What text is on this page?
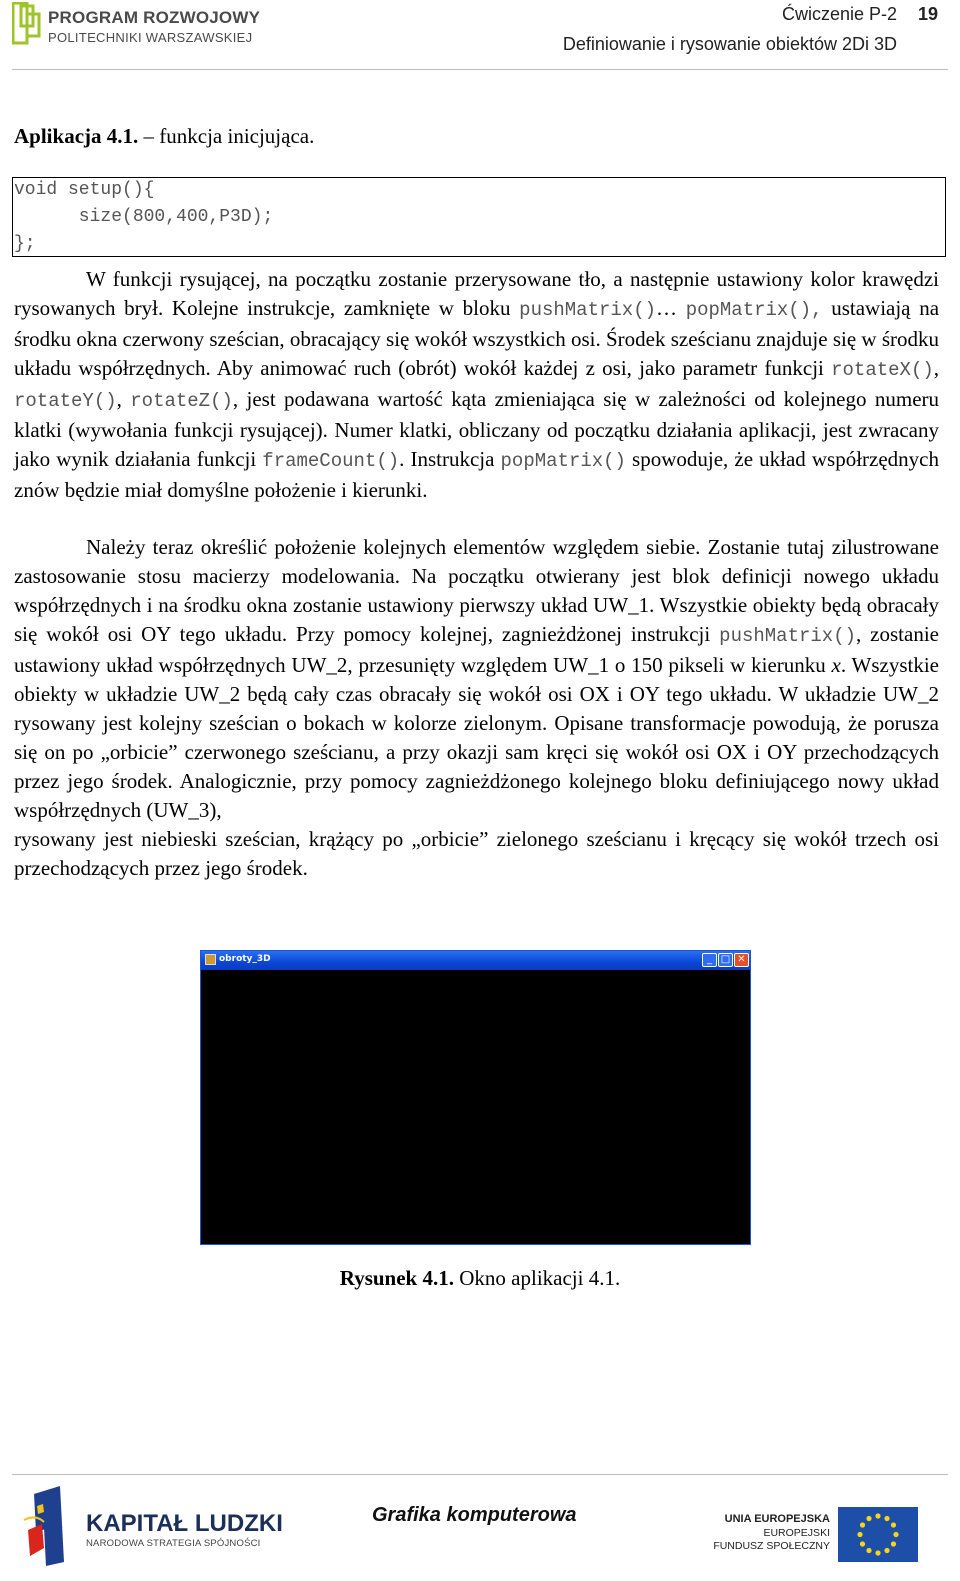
PROGRAM ROZWOJOWY
POLITECHNIKI WARSZAWSKIEJ
Ćwiczenie P-2 19
Definiowanie i rysowanie obiektów 2Di 3D
Aplikacja 4.1. – funkcja inicjująca.
void setup(){
size(800,400,P3D);
};

W funkcji rysującej, na początku zostanie przerysowane tło, a następnie ustawiony kolor krawędzi rysowanych brył. Kolejne instrukcje, zamknięte w bloku pushMatrix()… popMatrix(), ustawiają na środku okna czerwony sześcian, obracający się wokół wszystkich osi. Środek sześcianu znajduje się w środku układu współrzędnych. Aby animować ruch (obrót) wokół każdej z osi, jako parametr funkcji rotateX(), rotateY(), rotateZ(), jest podawana wartość kąta zmieniająca się w zależności od kolejnego numeru klatki (wywołania funkcji rysującej). Numer klatki, obliczany od początku działania aplikacji, jest zwracany jako wynik działania funkcji frameCount(). Instrukcja popMatrix() spowoduje, że układ współrzędnych znów będzie miał domyślne położenie i kierunki.

Należy teraz określić położenie kolejnych elementów względem siebie. Zostanie tutaj zilustrowane zastosowanie stosu macierzy modelowania. Na początku otwierany jest blok definicji nowego układu współrzędnych i na środku okna zostanie ustawiony pierwszy układ UW_1. Wszystkie obiekty będą obracały się wokół osi OY tego układu. Przy pomocy kolejnej, zagnieżdżonej instrukcji pushMatrix(), zostanie ustawiony układ współrzędnych UW_2, przesunięty względem UW_1 o 150 pikseli w kierunku x. Wszystkie obiekty w układzie UW_2 będą cały czas obracały się wokół osi OX i OY tego układu. W układzie UW_2 rysowany jest kolejny sześcian o bokach w kolorze zielonym. Opisane transformacje powodują, że porusza się on po „orbicie” czerwonego sześcianu, a przy okazji sam kręci się wokół osi OX i OY przechodzących przez jego środek. Analogicznie, przy pomocy zagnieżdżonego kolejnego bloku definiującego nowy układ współrzędnych (UW_3),

rysowany jest niebieski sześcian, krążący po „orbicie” zielonego sześcianu i kręcący się wokół trzech osi przechodzących przez jego środek.

obroty_3D	_ □ ✕
Rysunek 4.1. Okno aplikacji 4.1.
KAPITAŁ LUDZKI
NARODOWA STRATEGIA SPÓJNOŚCI
Grafika komputerowa	UNIA EUROPEJSKA
EUROPEJSKI
FUNDUSZ SPOŁECZNY
